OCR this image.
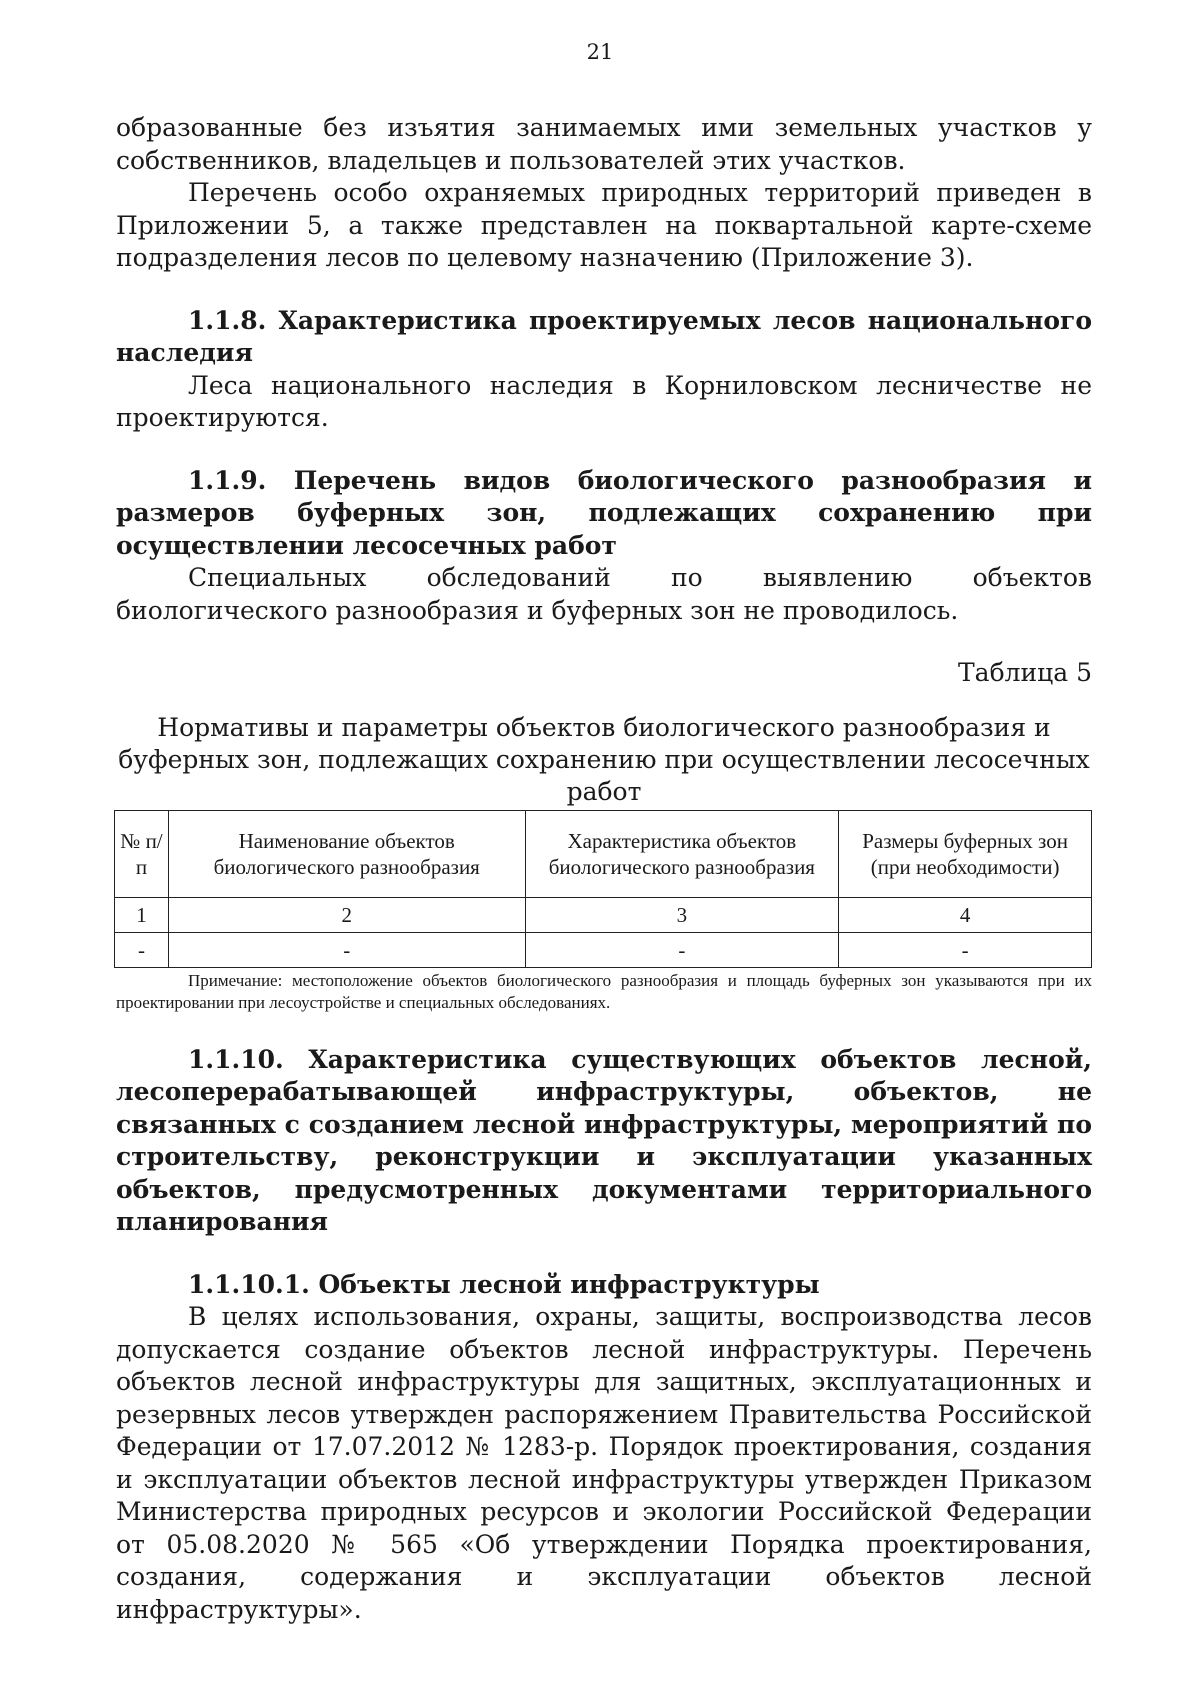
21

образованные без изъятия занимаемых ими земельных участков у собственников, владельцев и пользователей этих участков.

Перечень особо охраняемых природных территорий приведен в Приложении 5, а также представлен на поквартальной карте-схеме подразделения лесов по целевому назначению (Приложение 3).

1.1.8. Характеристика проектируемых лесов национального наследия

Леса национального наследия в Корниловском лесничестве не проектируются.

1.1.9. Перечень видов биологического разнообразия и размеров буферных зон, подлежащих сохранению при осуществлении лесосечных работ

Специальных обследований по выявлению объектов биологического разнообразия и буферных зон не проводилось.

Таблица 5

Нормативы и параметры объектов биологического разнообразия и
буферных зон, подлежащих сохранению при осуществлении лесосечных работ

№ п/п	Наименование объектов биологического разнообразия	Характеристика объектов биологического разнообразия	Размеры буферных зон (при необходимости)
1	2	3	4
-	-	-	-

Примечание: местоположение объектов биологического разнообразия и площадь буферных зон указываются при их проектировании при лесоустройстве и специальных обследованиях.

1.1.10. Характеристика существующих объектов лесной, лесоперерабатывающей инфраструктуры, объектов, не связанных с созданием лесной инфраструктуры, мероприятий по строительству, реконструкции и эксплуатации указанных объектов, предусмотренных документами территориального планирования
1.1.10.1. Объекты лесной инфраструктуры

В целях использования, охраны, защиты, воспроизводства лесов допускается создание объектов лесной инфраструктуры. Перечень объектов лесной инфраструктуры для защитных, эксплуатационных и резервных лесов утвержден распоряжением Правительства Российской Федерации от 17.07.2012 № 1283-р. Порядок проектирования, создания и эксплуатации объектов лесной инфраструктуры утвержден Приказом Министерства природных ресурсов и экологии Российской Федерации от 05.08.2020 № 565 «Об утверждении Порядка проектирования, создания, содержания и эксплуатации объектов лесной инфраструктуры».
